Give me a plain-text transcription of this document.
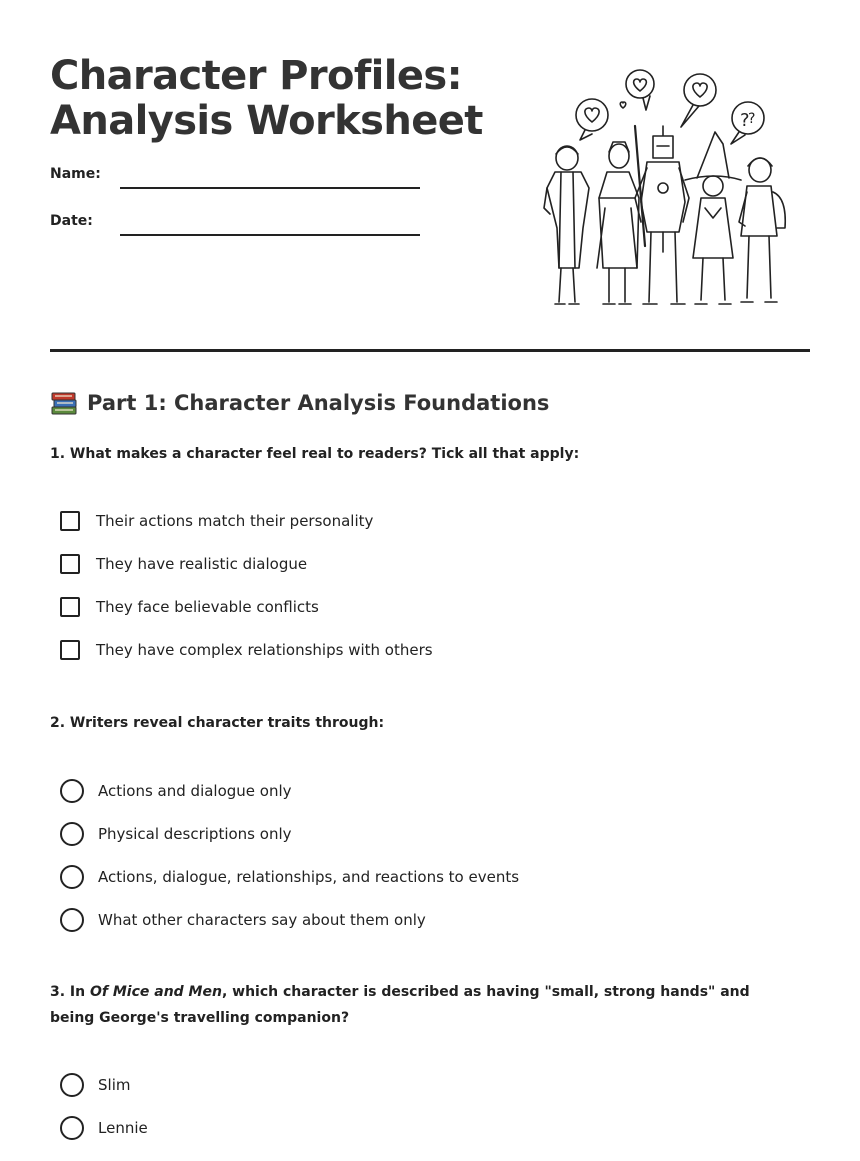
Character Profiles:
Analysis Worksheet
Name:
Date:
?
?
Part 1: Character Analysis Foundations
1. What makes a character feel real to readers? Tick all that apply:
Their actions match their personality
They have realistic dialogue
They face believable conflicts
They have complex relationships with others
2. Writers reveal character traits through:
Actions and dialogue only
Physical descriptions only
Actions, dialogue, relationships, and reactions to events
What other characters say about them only
3. In Of Mice and Men, which character is described as having "small, strong hands" and being George's travelling companion?
Slim
Lennie
